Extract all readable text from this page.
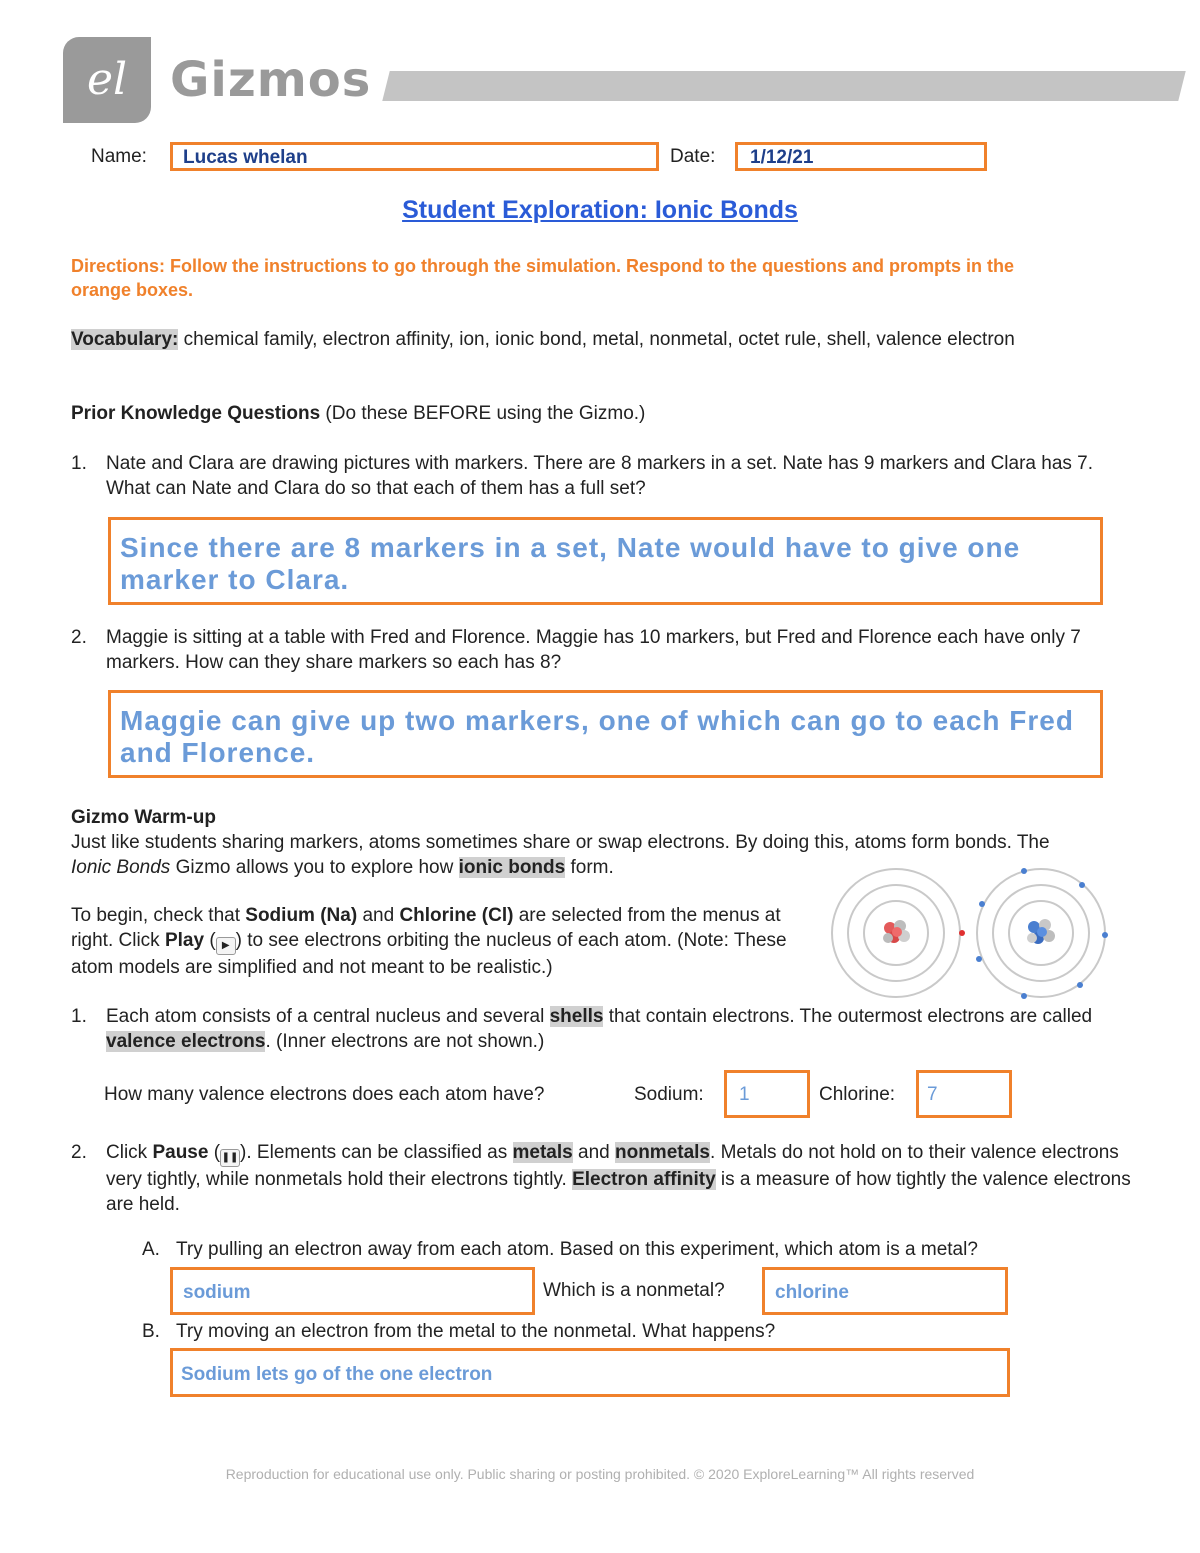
el Gizmos
Name: Lucas whelan	Date: 1/12/21
Student Exploration: Ionic Bonds
Directions: Follow the instructions to go through the simulation. Respond to the questions and prompts in the orange boxes.
Vocabulary: chemical family, electron affinity, ion, ionic bond, metal, nonmetal, octet rule, shell, valence electron
Prior Knowledge Questions (Do these BEFORE using the Gizmo.)
1. Nate and Clara are drawing pictures with markers. There are 8 markers in a set. Nate has 9 markers and Clara has 7. What can Nate and Clara do so that each of them has a full set?
Since there are 8 markers in a set, Nate would have to give one marker to Clara.
2. Maggie is sitting at a table with Fred and Florence. Maggie has 10 markers, but Fred and Florence each have only 7 markers. How can they share markers so each has 8?
Maggie can give up two markers, one of which can go to each Fred and Florence.
Gizmo Warm-up
Just like students sharing markers, atoms sometimes share or swap electrons. By doing this, atoms form bonds. The Ionic Bonds Gizmo allows you to explore how ionic bonds form.
To begin, check that Sodium (Na) and Chlorine (Cl) are selected from the menus at right. Click Play ( ▶ ) to see electrons orbiting the nucleus of each atom. (Note: These atom models are simplified and not meant to be realistic.)
1. Each atom consists of a central nucleus and several shells that contain electrons. The outermost electrons are called valence electrons. (Inner electrons are not shown.)
How many valence electrons does each atom have?	Sodium: 1	Chlorine: 7
2. Click Pause ( ❚❚). Elements can be classified as metals and nonmetals. Metals do not hold on to their valence electrons very tightly, while nonmetals hold their electrons tightly. Electron affinity is a measure of how tightly the valence electrons are held.
A. Try pulling an electron away from each atom. Based on this experiment, which atom is a metal?
sodium	Which is a nonmetal?	chlorine
B. Try moving an electron from the metal to the nonmetal. What happens?
Sodium lets go of the one electron
Reproduction for educational use only. Public sharing or posting prohibited. © 2020 ExploreLearning™ All rights reserved
